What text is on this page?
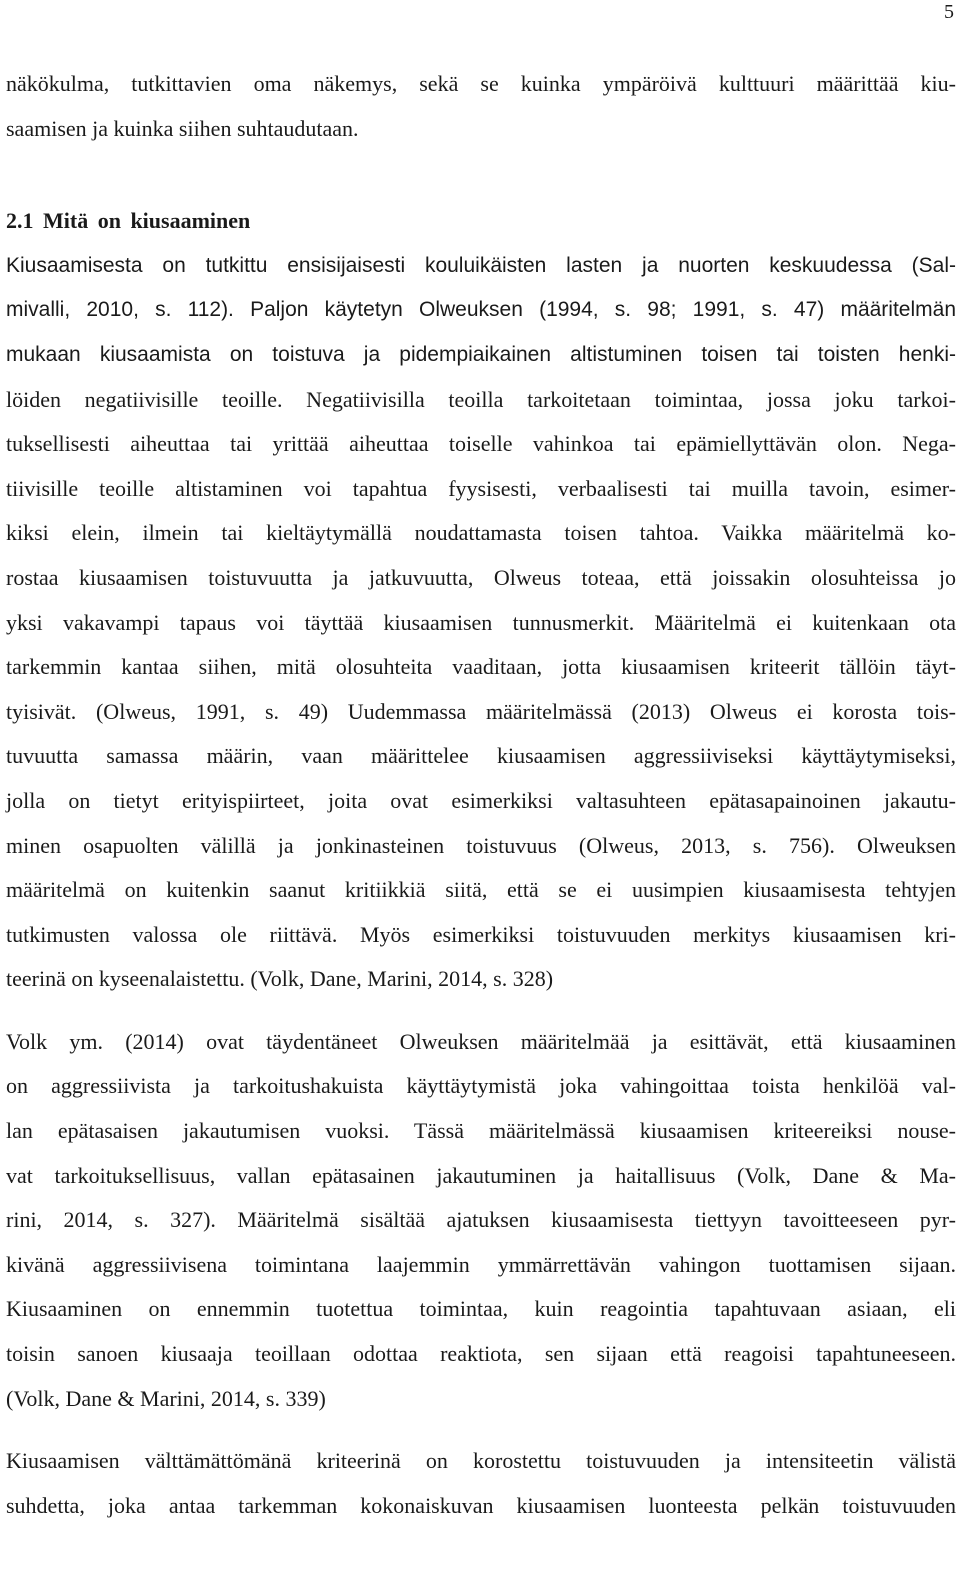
5
näkökulma, tutkittavien oma näkemys, sekä se kuinka ympäröivä kulttuuri määrittää kiu-
saamisen ja kuinka siihen suhtaudutaan.
2.1 Mitä on kiusaaminen
Kiusaamisesta on tutkittu ensisijaisesti kouluikäisten lasten ja nuorten keskuudessa (Sal-
mivalli, 2010, s. 112). Paljon käytetyn Olweuksen (1994, s. 98; 1991, s. 47) määritelmän
mukaan kiusaamista on toistuva ja pidempiaikainen altistuminen toisen tai toisten henki-
löiden negatiivisille teoille. Negatiivisilla teoilla tarkoitetaan toimintaa, jossa joku tarkoi-
tuksellisesti aiheuttaa tai yrittää aiheuttaa toiselle vahinkoa tai epämiellyttävän olon. Nega-
tiivisille teoille altistaminen voi tapahtua fyysisesti, verbaalisesti tai muilla tavoin, esimer-
kiksi elein, ilmein tai kieltäytymällä noudattamasta toisen tahtoa. Vaikka määritelmä ko-
rostaa kiusaamisen toistuvuutta ja jatkuvuutta, Olweus toteaa, että joissakin olosuhteissa jo
yksi vakavampi tapaus voi täyttää kiusaamisen tunnusmerkit. Määritelmä ei kuitenkaan ota
tarkemmin kantaa siihen, mitä olosuhteita vaaditaan, jotta kiusaamisen kriteerit tällöin täyt-
tyisivät. (Olweus, 1991, s. 49) Uudemmassa määritelmässä (2013) Olweus ei korosta tois-
tuvuutta samassa määrin, vaan määrittelee kiusaamisen aggressiiviseksi käyttäytymiseksi,
jolla on tietyt erityispiirteet, joita ovat esimerkiksi valtasuhteen epätasapainoinen jakautu-
minen osapuolten välillä ja jonkinasteinen toistuvuus (Olweus, 2013, s. 756). Olweuksen
määritelmä on kuitenkin saanut kritiikkiä siitä, että se ei uusimpien kiusaamisesta tehtyjen
tutkimusten valossa ole riittävä. Myös esimerkiksi toistuvuuden merkitys kiusaamisen kri-
teerinä on kyseenalaistettu. (Volk, Dane, Marini, 2014, s. 328)
Volk ym. (2014) ovat täydentäneet Olweuksen määritelmää ja esittävät, että kiusaaminen
on aggressiivista ja tarkoitushakuista käyttäytymistä joka vahingoittaa toista henkilöä val-
lan epätasaisen jakautumisen vuoksi. Tässä määritelmässä kiusaamisen kriteereiksi nouse-
vat tarkoituksellisuus, vallan epätasainen jakautuminen ja haitallisuus (Volk, Dane & Ma-
rini, 2014, s. 327). Määritelmä sisältää ajatuksen kiusaamisesta tiettyyn tavoitteeseen pyr-
kivänä aggressiivisena toimintana laajemmin ymmärrettävän vahingon tuottamisen sijaan.
Kiusaaminen on ennemmin tuotettua toimintaa, kuin reagointia tapahtuvaan asiaan, eli
toisin sanoen kiusaaja teoillaan odottaa reaktiota, sen sijaan että reagoisi tapahtuneeseen.
(Volk, Dane & Marini, 2014, s. 339)
Kiusaamisen välttämättömänä kriteerinä on korostettu toistuvuuden ja intensiteetin välistä
suhdetta, joka antaa tarkemman kokonaiskuvan kiusaamisen luonteesta pelkän toistuvuuden
